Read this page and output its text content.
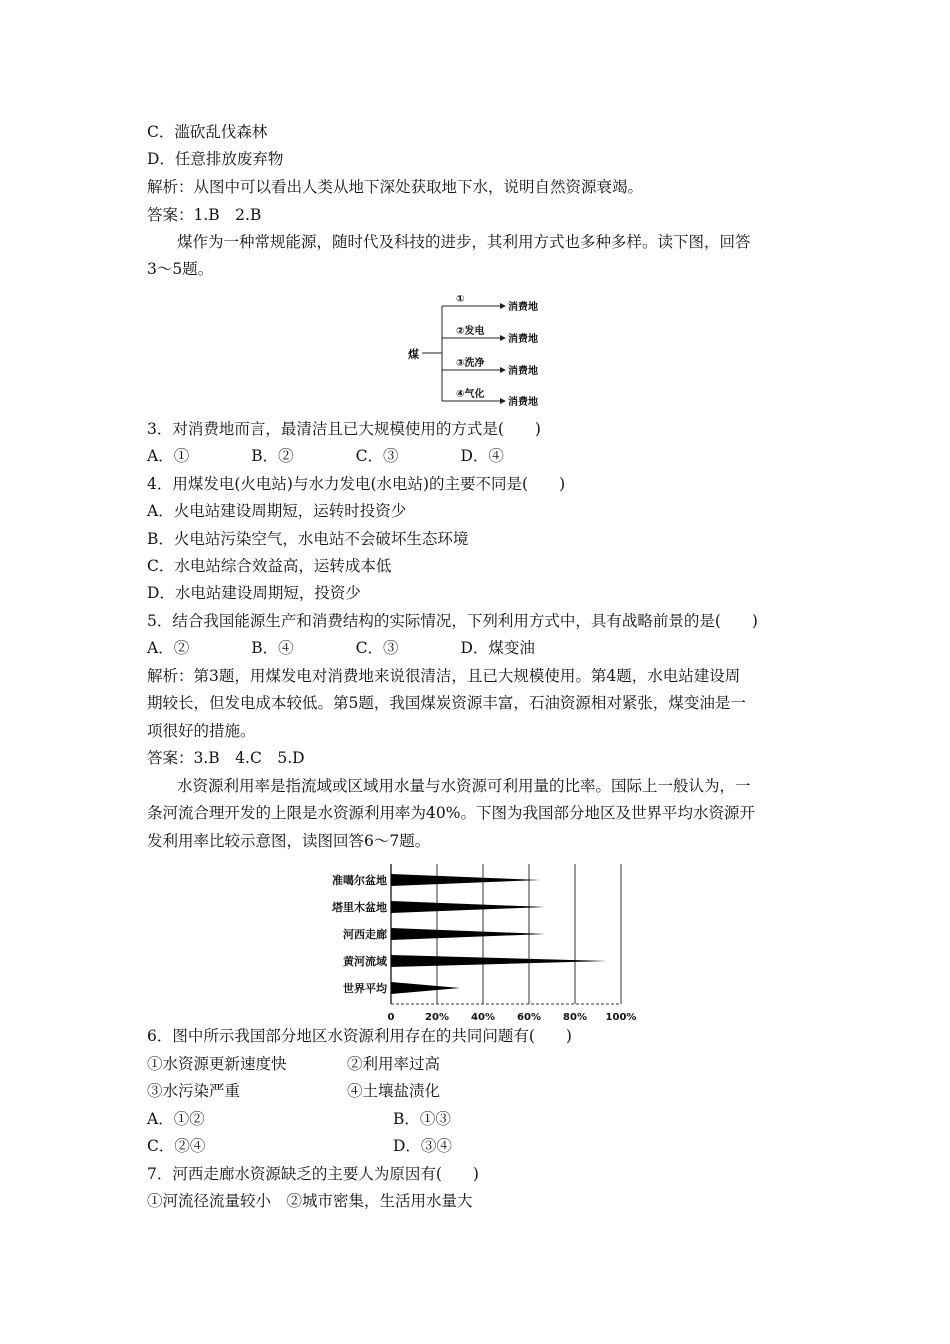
C．滥砍乱伐森林
D．任意排放废弃物
解析：从图中可以看出人类从地下深处获取地下水，说明自然资源衰竭。
答案：1.B　2.B
煤作为一种常规能源，随时代及科技的进步，其利用方式也多种多样。读下图，回答
3～5题。
煤
①
消费地
②发电
消费地
③洗净
消费地
④气化
消费地
3．对消费地而言，最清洁且已大规模使用的方式是(　　)
A．①　　　　B．②　　　　C．③　　　　D．④
4．用煤发电(火电站)与水力发电(水电站)的主要不同是(　　)
A．火电站建设周期短，运转时投资少
B．火电站污染空气，水电站不会破坏生态环境
C．水电站综合效益高，运转成本低
D．水电站建设周期短，投资少
5．结合我国能源生产和消费结构的实际情况，下列利用方式中，具有战略前景的是(　　)
A．②　　　　B．④　　　　C．③　　　　D．煤变油
解析：第3题，用煤发电对消费地来说很清洁，且已大规模使用。第4题，水电站建设周
期较长，但发电成本较低。第5题，我国煤炭资源丰富，石油资源相对紧张，煤变油是一
项很好的措施。
答案：3.B　4.C　5.D
水资源利用率是指流域或区域用水量与水资源可利用量的比率。国际上一般认为，一
条河流合理开发的上限是水资源利用率为40%。下图为我国部分地区及世界平均水资源开
发利用率比较示意图，读图回答6～7题。
0	20% 40% 60% 80% 100%
准噶尔盆地
塔里木盆地
河西走廊
黄河流域
世界平均
6．图中所示我国部分地区水资源利用存在的共同问题有(　　)
①水资源更新速度快	②利用率过高
③水污染严重	④土壤盐渍化
A．①②	B．①③
C．②④	D．③④
7．河西走廊水资源缺乏的主要人为原因有(　　)
①河流径流量较小　②城市密集，生活用水量大
